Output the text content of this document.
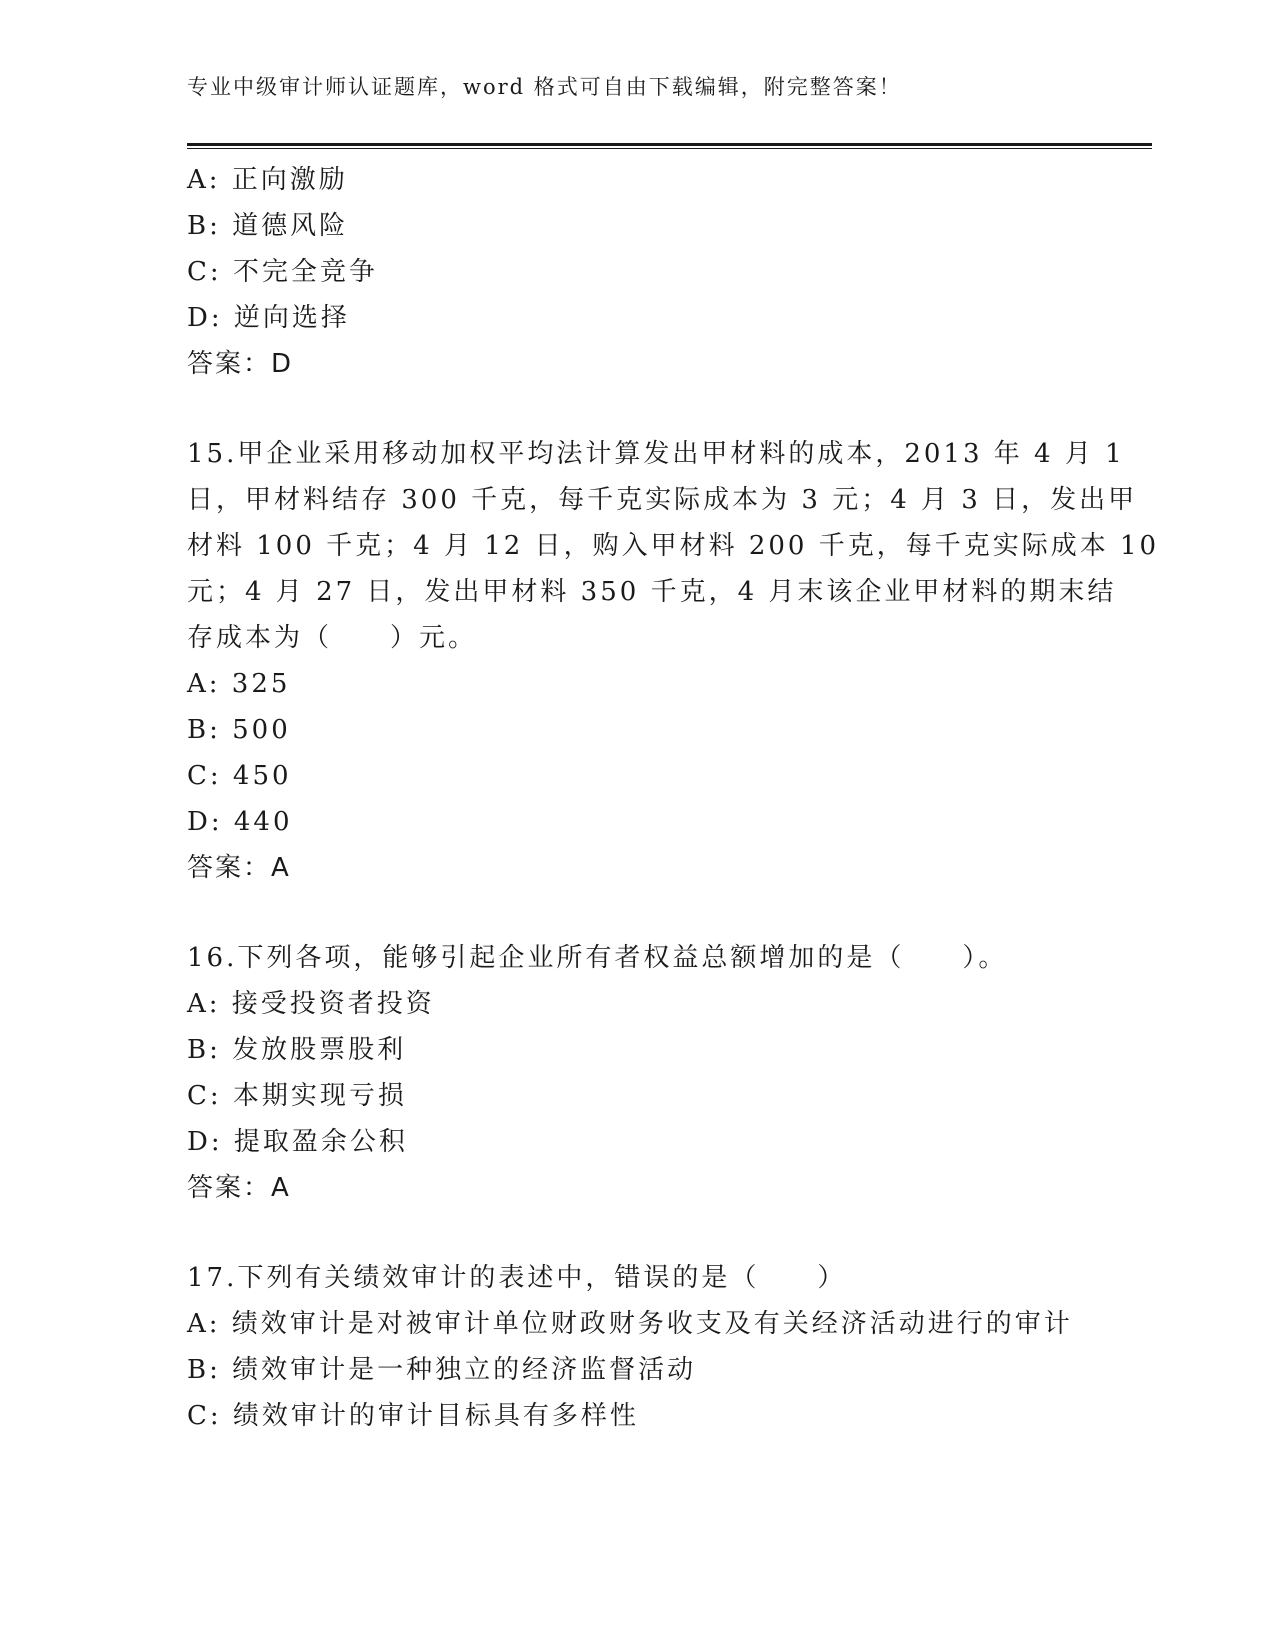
专业中级审计师认证题库，word 格式可自由下载编辑，附完整答案！
A: 正向激励
B: 道德风险
C: 不完全竞争
D: 逆向选择
答案：D
15.甲企业采用移动加权平均法计算发出甲材料的成本，2013 年 4 月 1
日，甲材料结存 300 千克，每千克实际成本为 3 元；4 月 3 日，发出甲
材料 100 千克；4 月 12 日，购入甲材料 200 千克，每千克实际成本 10
元；4 月 27 日，发出甲材料 350 千克，4 月末该企业甲材料的期末结
存成本为（　　）元。
A: 325
B: 500
C: 450
D: 440
答案：A
16.下列各项，能够引起企业所有者权益总额增加的是（　　）。
A: 接受投资者投资
B: 发放股票股利
C: 本期实现亏损
D: 提取盈余公积
答案：A
17.下列有关绩效审计的表述中，错误的是（　　）
A: 绩效审计是对被审计单位财政财务收支及有关经济活动进行的审计
B: 绩效审计是一种独立的经济监督活动
C: 绩效审计的审计目标具有多样性
